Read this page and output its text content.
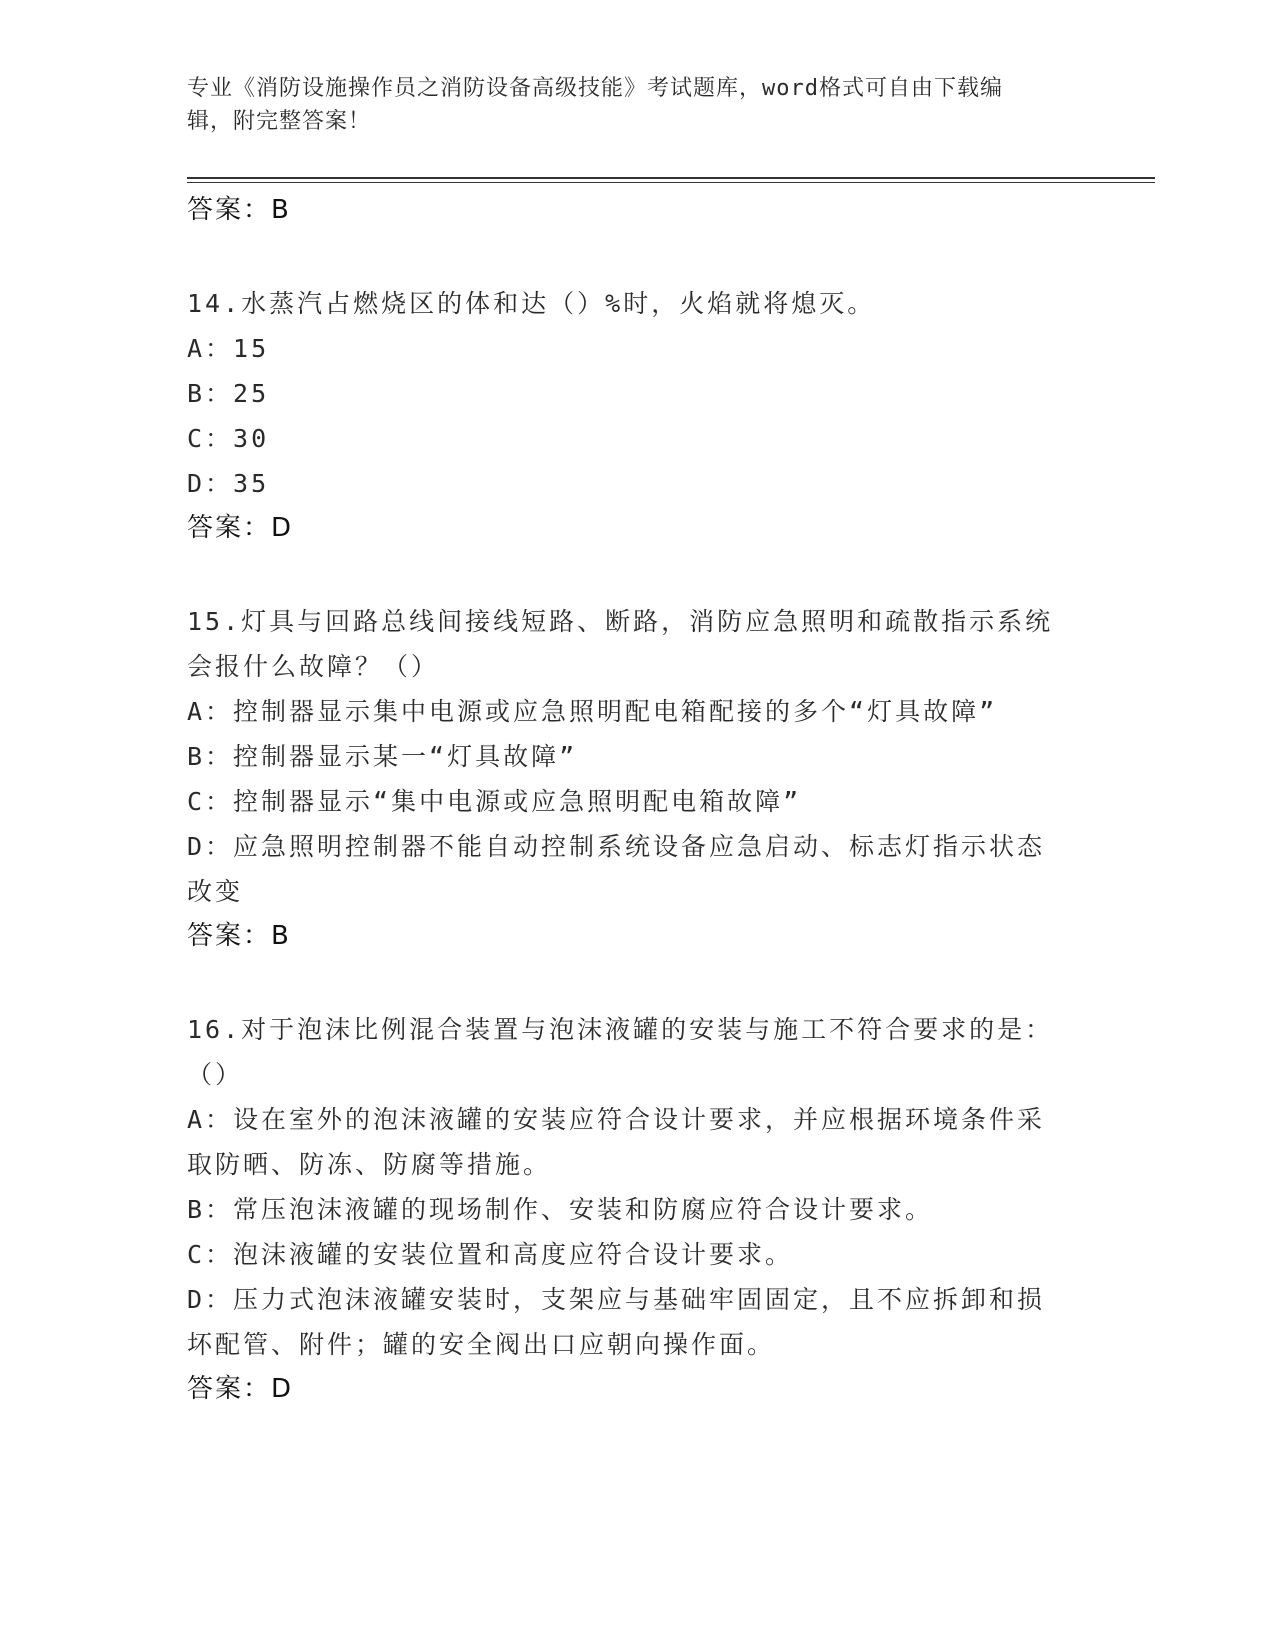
专业《消防设施操作员之消防设备高级技能》考试题库，word格式可自由下载编
辑，附完整答案！
答案：B
14.水蒸汽占燃烧区的体和达（）%时，火焰就将熄灭。
A：15
B：25
C：30
D：35
答案：D
15.灯具与回路总线间接线短路、断路，消防应急照明和疏散指示系统
会报什么故障？（）
A：控制器显示集中电源或应急照明配电箱配接的多个“灯具故障”
B：控制器显示某一“灯具故障”
C：控制器显示“集中电源或应急照明配电箱故障”
D：应急照明控制器不能自动控制系统设备应急启动、标志灯指示状态
改变
答案：B
16.对于泡沫比例混合装置与泡沫液罐的安装与施工不符合要求的是：
（）
A：设在室外的泡沫液罐的安装应符合设计要求，并应根据环境条件采
取防晒、防冻、防腐等措施。
B：常压泡沫液罐的现场制作、安装和防腐应符合设计要求。
C：泡沫液罐的安装位置和高度应符合设计要求。
D：压力式泡沫液罐安装时，支架应与基础牢固固定，且不应拆卸和损
坏配管、附件；罐的安全阀出口应朝向操作面。
答案：D
